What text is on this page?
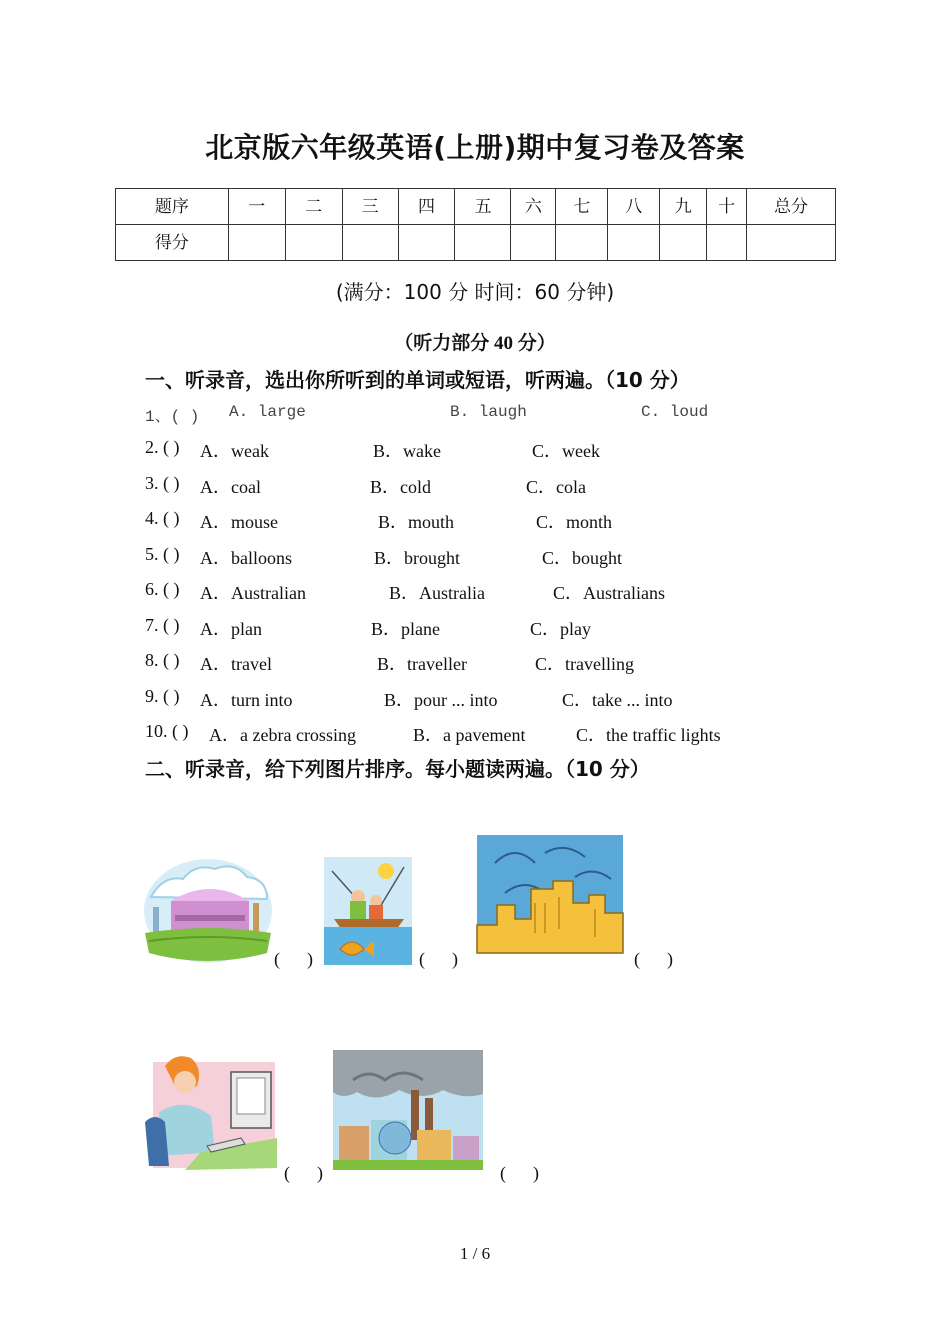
北京版六年级英语(上册)期中复习卷及答案
题序	一	二	三	四	五	六	七	八	九	十	总分
得分											
(满分：100 分 时间：60 分钟)
（听力部分 40 分）
一、听录音，选出你所听到的单词或短语，听两遍。（10 分）
1、( ) A. large	B. laugh	C. loud
2. ( ) A．weak	B．wake	C．week
3. ( ) A．coal	B．cold	C．cola
4. ( ) A．mouse	B．mouth	C．month
5. ( ) A．balloons	B．brought	C．bought
6. ( ) A．Australian	B．Australia	C．Australians
7. ( ) A．plan	B．plane	C．play
8. ( ) A．travel	B．traveller	C．travelling
9. ( ) A．turn into	B．pour ... into	C．take ... into
10. ( ) A．a zebra crossing	B．a pavement	C．the traffic lights
二、听录音，给下列图片排序。每小题读两遍。（10 分）
(      )	(      )	(      )
(      )	(      )
1 / 6
